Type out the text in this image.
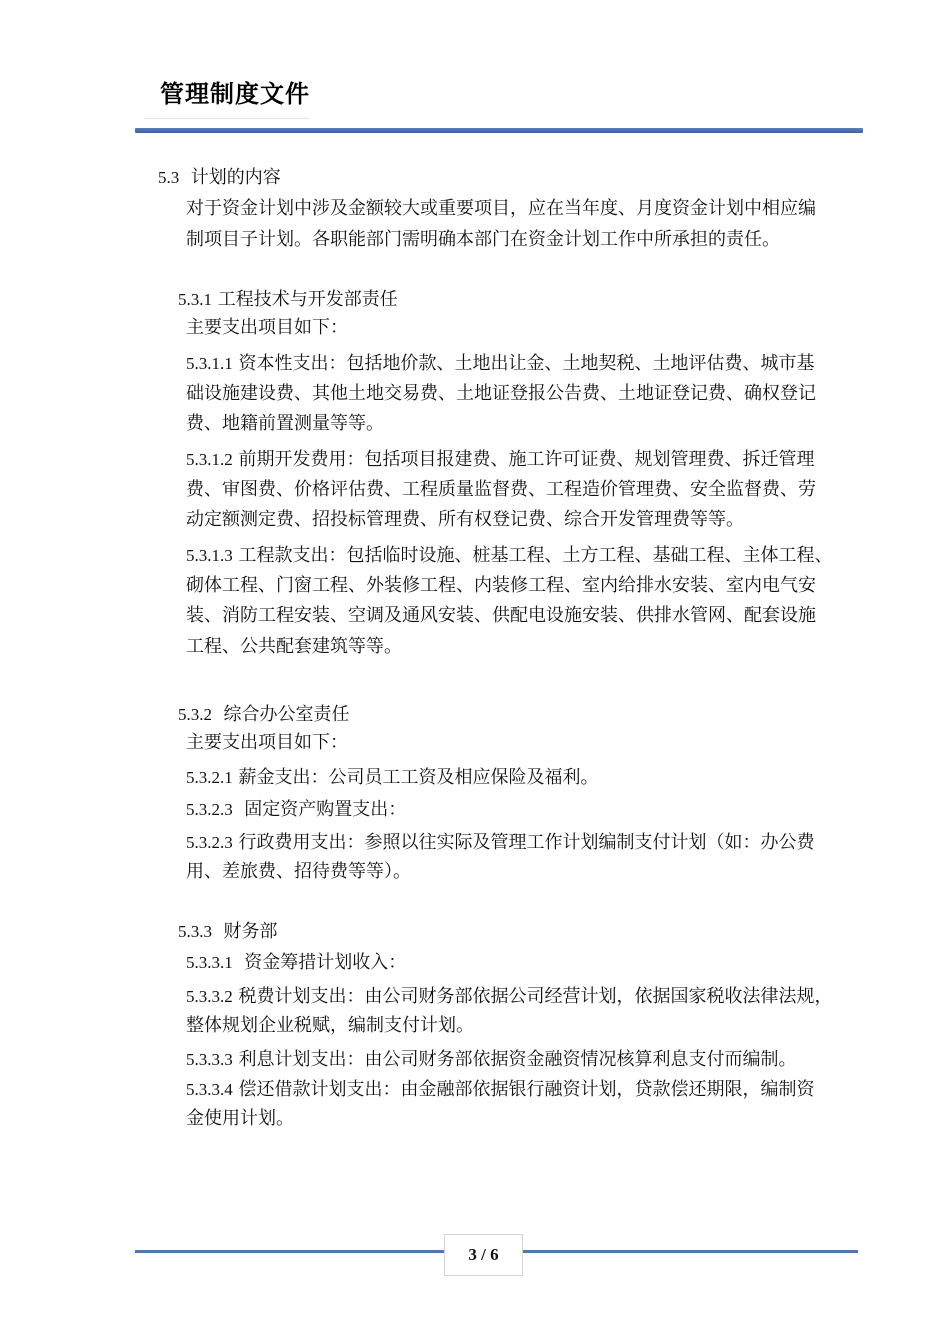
管理制度文件
5.3 计划的内容
对于资金计划中涉及金额较大或重要项目，应在当年度、月度资金计划中相应编
制项目子计划。各职能部门需明确本部门在资金计划工作中所承担的责任。
5.3.1 工程技术与开发部责任
主要支出项目如下：
5.3.1.1 资本性支出：包括地价款、土地出让金、土地契税、土地评估费、城市基
础设施建设费、其他土地交易费、土地证登报公告费、土地证登记费、确权登记
费、地籍前置测量等等。
5.3.1.2 前期开发费用：包括项目报建费、施工许可证费、规划管理费、拆迁管理
费、审图费、价格评估费、工程质量监督费、工程造价管理费、安全监督费、劳
动定额测定费、招投标管理费、所有权登记费、综合开发管理费等等。
5.3.1.3 工程款支出：包括临时设施、桩基工程、土方工程、基础工程、主体工程、
砌体工程、门窗工程、外装修工程、内装修工程、室内给排水安装、室内电气安
装、消防工程安装、空调及通风安装、供配电设施安装、供排水管网、配套设施
工程、公共配套建筑等等。
5.3.2 综合办公室责任
主要支出项目如下：
5.3.2.1 薪金支出：公司员工工资及相应保险及福利。
5.3.2.3 固定资产购置支出：
5.3.2.3 行政费用支出：参照以往实际及管理工作计划编制支付计划（如：办公费
用、差旅费、招待费等等）。
5.3.3 财务部
5.3.3.1 资金筹措计划收入：
5.3.3.2 税费计划支出：由公司财务部依据公司经营计划，依据国家税收法律法规，
整体规划企业税赋，编制支付计划。
5.3.3.3 利息计划支出：由公司财务部依据资金融资情况核算利息支付而编制。
5.3.3.4 偿还借款计划支出：由金融部依据银行融资计划，贷款偿还期限，编制资
金使用计划。
3 / 6
